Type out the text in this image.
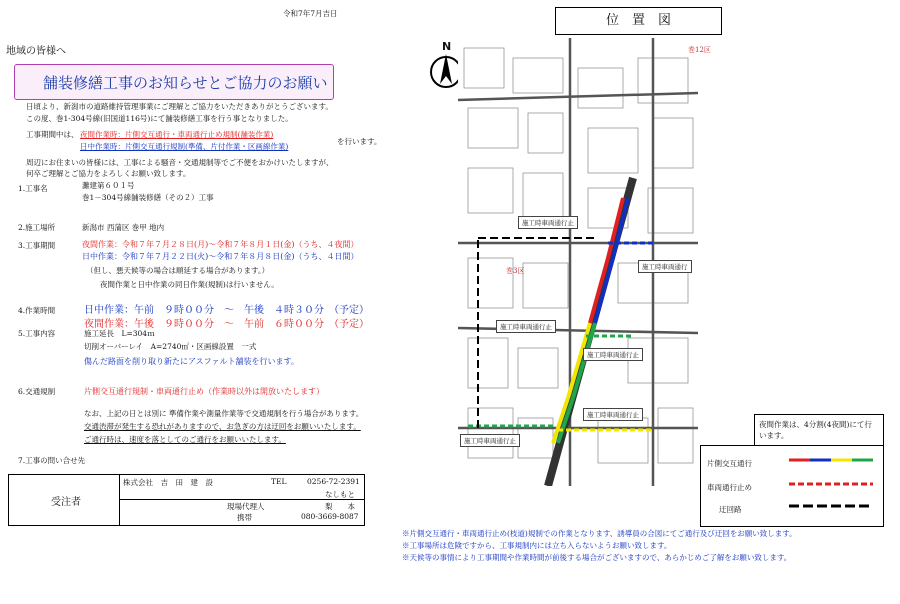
令和7年7月吉日
地域の皆様へ
舗装修繕工事のお知らせとご協力のお願い
日頃より、新潟市の道路維持管理事業にご理解とご協力をいただきありがとうございます。
この度、巻1-304号線(旧国道116号)にて舗装修繕工事を行う事となりました。
工事期間中は、 夜間作業時：片側交互通行・車両通行止め規制(舗装作業)
日中作業時：片側交互通行規制(準備、片付作業・区画線作業)
を行います。
周辺にお住まいの皆様には、工事による騒音・交通規制等でご不便をおかけいたしますが、
何卒ご理解とご協力をよろしくお願い致します。
1.工事名	灘建第６０１号
巻1－304号線舗装修繕（その２）工事
2.施工場所	新潟市 西蒲区 巻甲 地内
3.工事期間	夜間作業：令和７年７月２８日(月)～令和７年８月１日(金)（うち、４夜間）
日中作業：令和７年７月２２日(火)～令和７年８月８日(金)（うち、４日間）
（但し、悪天候等の場合は順延する場合があります。）
夜間作業と日中作業の同日作業(規制)は行いません。
4.作業時間	日中作業：午前　９時００分　～　午後　４時３０分　（予定）
夜間作業：午後　９時００分　～　午前　６時００分　（予定）
5.工事内容	施工延長　L=304ｍ
切削オーバーレイ　A=2740㎡・区画線設置　一式
傷んだ路面を削り取り新たにアスファルト舗装を行います。
6.交通規制	片側交互通行規制・車両通行止め（作業時以外は開放いたします）
なお、上記の日とは別に 準備作業や測量作業等で交通規制を行う場合があります。
交通渋滞が発生する恐れがありますので、お急ぎの方は迂回をお願いいたします。
ご通行時は、速度を落としてのご通行をお願いいたします。
7.工事の問い合せ先
受注者
株式会社　吉　田　建　設	TEL	0256-72-2391
なしもと
現場代理人	梨　　本
携帯	080-3669-8087
位　置　図
N
施工時車両通行止
施工時車両通行
施工時車両通行止
施工時車両通行止
施工時車両通行止
施工時車両通行止
巻3区
巻12区
夜間作業は、4分割(4夜間)にて行います。
片側交互通行
車両通行止め
迂回路
※片側交互通行・車両通行止め(枝道)規制での作業となります、誘導員の合図にてご通行及び迂回をお願い致します。
※工事場所は危険ですから、工事規制内には立ち入らないようお願い致します。
※天候等の事情により工事期間や作業時間が前後する場合がございますので、あらかじめご了解をお願い致します。
